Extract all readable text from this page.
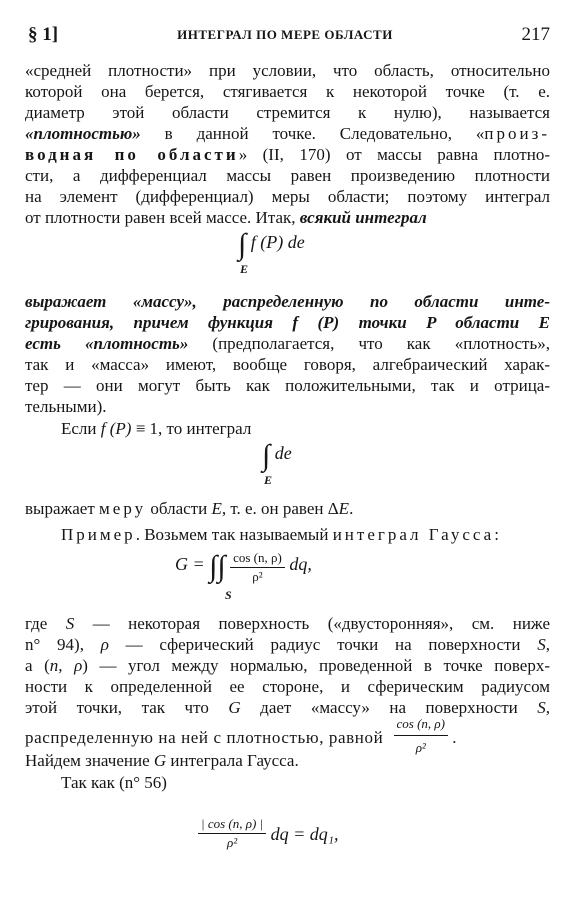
§ 1]	ИНТЕГРАЛ ПО МЕРЕ ОБЛАСТИ	217
«средней плотности» при условии, что область, относительно
которой она берется, стягивается к некоторой точке (т. е.
диаметр этой области стремится к нулю), называется
«плотностью» в данной точке. Следовательно, «произ-
водная по области» (II, 170) от массы равна плотно-
сти, а дифференциал массы равен произведению плотности
на элемент (дифференциал) меры области; поэтому интеграл
от плотности равен всей массе. Итак, всякий интеграл
∫ f (P) de
E
выражает «массу», распределенную по области инте-
грирования, причем функция f (P) точки P области E
есть «плотность» (предполагается, что как «плотность»,
так и «масса» имеют, вообще говоря, алгебраический харак-
тер — они могут быть как положительными, так и отрица-
тельными).
Если f (P) ≡ 1, то интеграл
∫ de
E
выражает меру области E, т. е. он равен ΔE.
Пример. Возьмем так называемый интеграл Гаусса:
G = ∫∫ $\frac{\cos (n, \rho)}{\text{ρ²}}$ dq,
S
где S — некоторая поверхность («двусторонняя», см. ниже
n° 94), ρ — сферический радиус точки на поверхности S,
а (n, ρ) — угол между нормалью, проведенной в точке поверх-
ности к определенной ее стороне, и сферическим радиусом
этой точки, так что G дает «массу» на поверхности S,
распределенную на ней с плотностью, равной $\frac{\cos (n, \rho)}{\text{ρ²}}$ .
Найдем значение G интеграла Гаусса.
Так как (n° 56)
$\frac{| \cos (n, \rho) |}{\text{ρ²}}$ dq = dq₁,
